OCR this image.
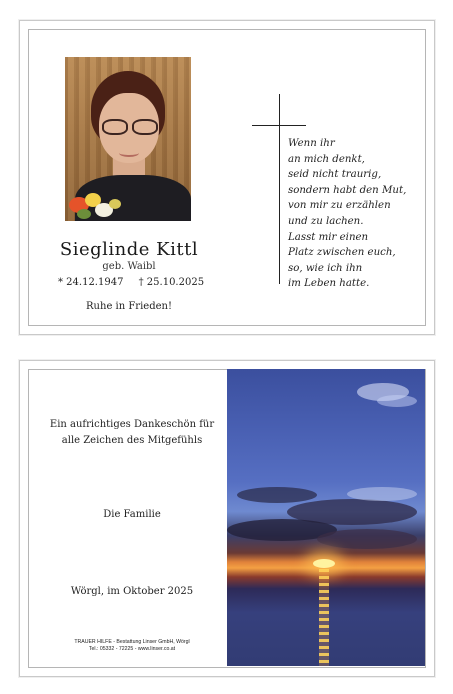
Sieglinde Kittl
geb. Waibl
* 24.12.1947 † 25.10.2025
Ruhe in Frieden!
Wenn ihr
an mich denkt,
seid nicht traurig,
sondern habt den Mut,
von mir zu erzählen
und zu lachen.
Lasst mir einen
Platz zwischen euch,
so, wie ich ihn
im Leben hatte.
Ein aufrichtiges Dankeschön für
alle Zeichen des Mitgefühls
Die Familie
Wörgl, im Oktober 2025
TRAUER HILFE - Bestattung Linser GmbH, Wörgl
Tel.: 05332 - 72225 - www.linser.co.at
